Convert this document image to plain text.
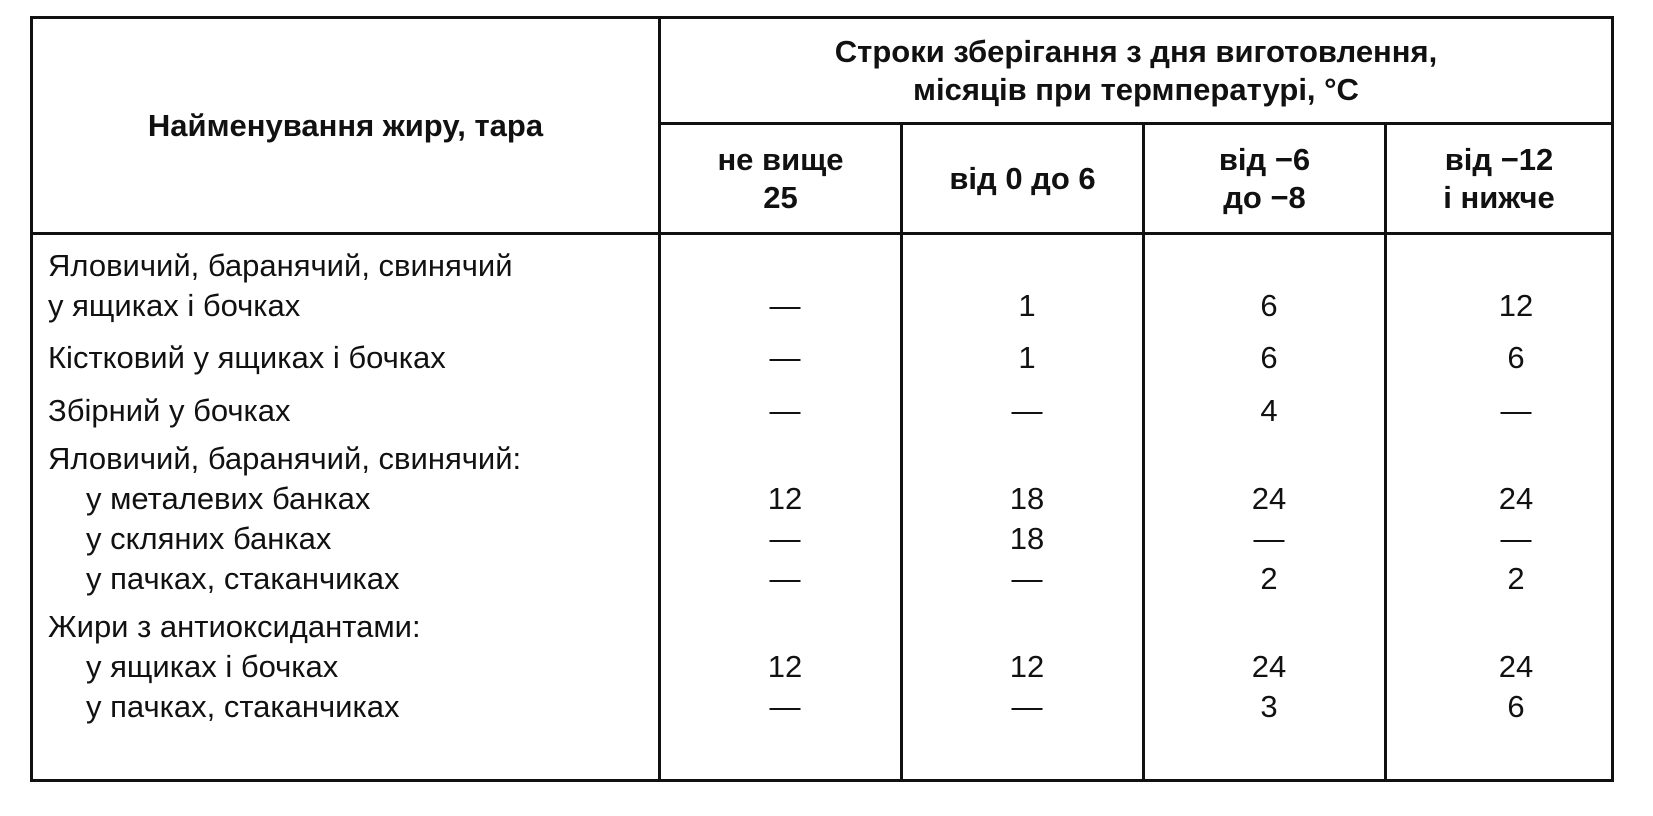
Найменування жиру, тара
Строки зберігання з дня виготовлення,
місяців при термпературі, °С
не вище
25
від 0 до 6
від −6
до −8
від −12
і нижче
Яловичий, баранячий, свинячий
у ящиках і бочках	—	1	6	12
Кістковий у ящиках і бочках	—	1	6	6
Збірний у бочках	—	—	4	—
Яловичий, баранячий, свинячий:
у металевих банках	12	18	24	24
у скляних банках	—	18	—	—
у пачках, стаканчиках	—	—	2	2
Жири з антиоксидантами:
у ящиках і бочках	12	12	24	24
у пачках, стаканчиках	—	—	3	6
